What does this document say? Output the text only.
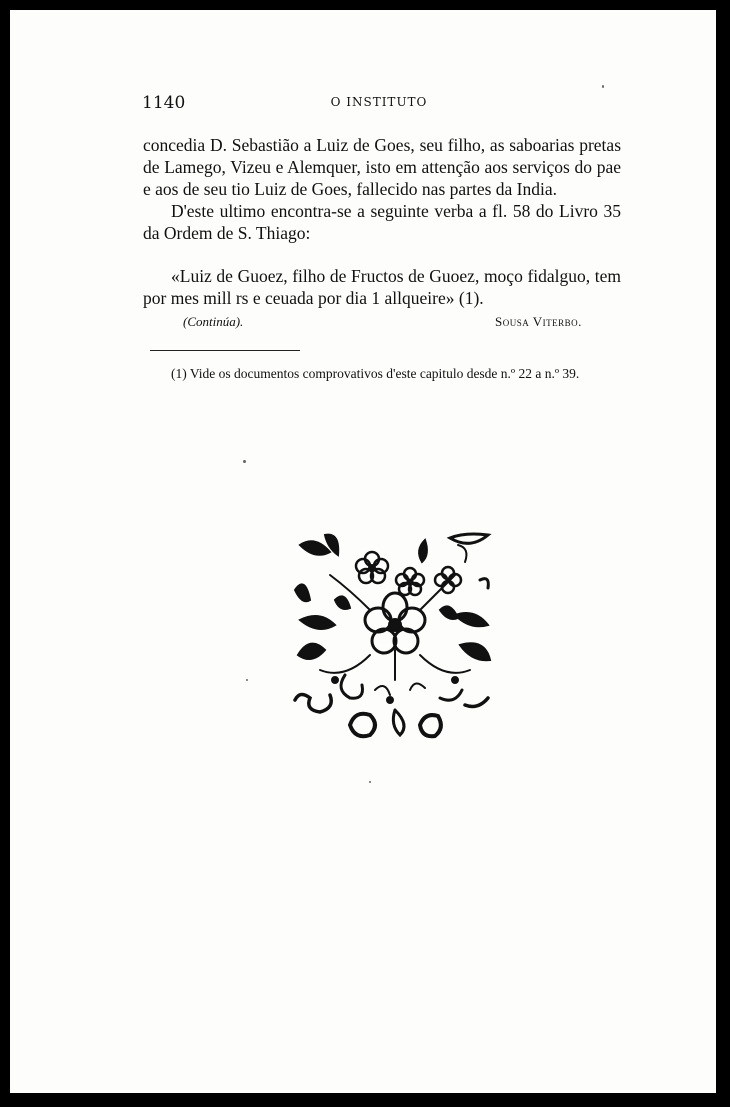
1140	O INSTITUTO

concedia D. Sebastião a Luiz de Goes, seu filho, as saboarias pretas de Lamego, Vizeu e Alemquer, isto em attenção aos serviços do pae e aos de seu tio Luiz de Goes, fallecido nas partes da India.

D'este ultimo encontra-se a seguinte verba a fl. 58 do Livro 35 da Ordem de S. Thiago:

«Luiz de Guoez, filho de Fructos de Guoez, moço fidalguo, tem por mes mill rs e ceuada por dia 1 allqueire» (1).

(Continúa).	Sousa Viterbo.

(1) Vide os documentos comprovativos d'este capitulo desde n.º 22 a n.º 39.
